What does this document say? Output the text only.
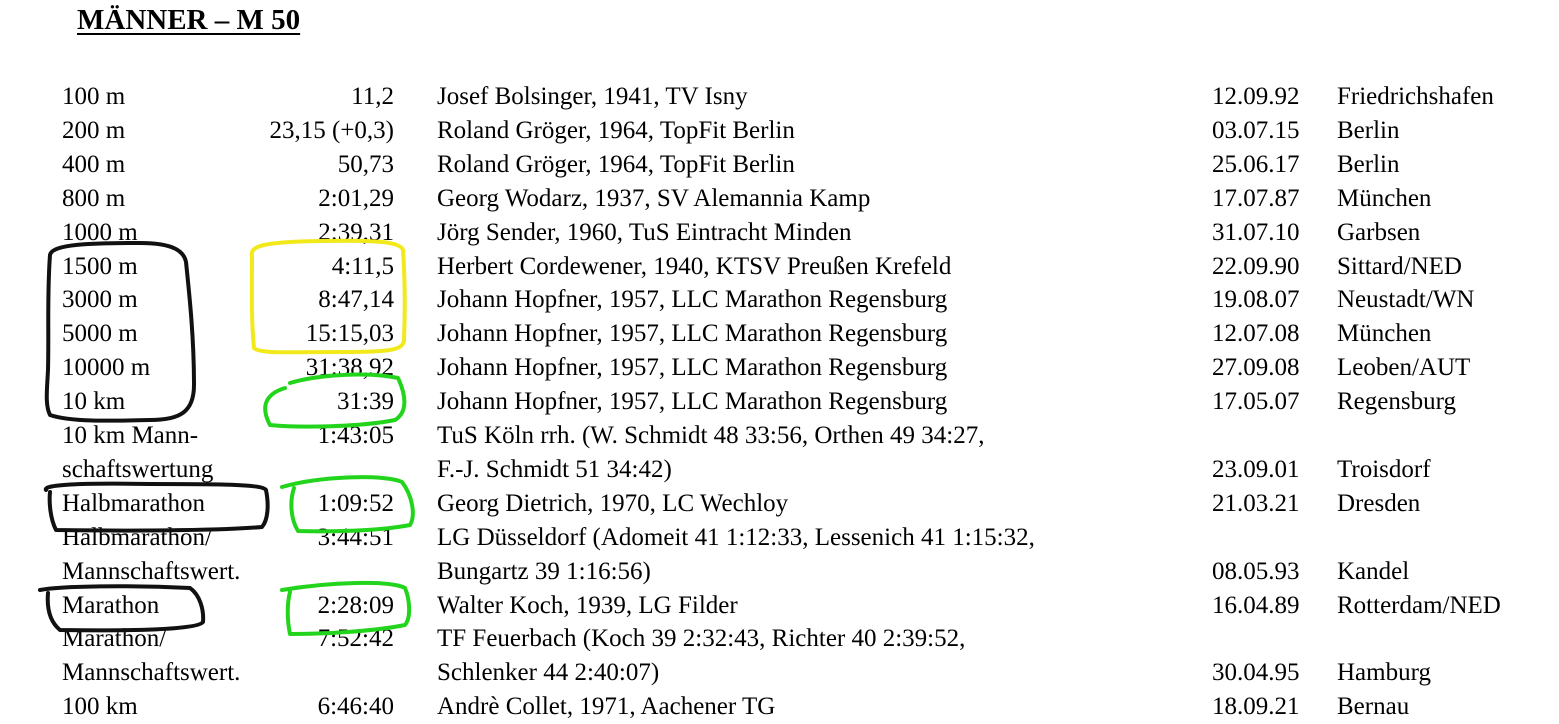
MÄNNER – M 50
100 m	11,2 Josef Bolsinger, 1941, TV Isny	12.09.92 Friedrichshafen
200 m	23,15 (+0,3) Roland Gröger, 1964, TopFit Berlin	03.07.15 Berlin
400 m	50,73 Roland Gröger, 1964, TopFit Berlin	25.06.17 Berlin
800 m	2:01,29 Georg Wodarz, 1937, SV Alemannia Kamp	17.07.87 München
1000 m	2:39,31 Jörg Sender, 1960, TuS Eintracht Minden	31.07.10 Garbsen
1500 m	4:11,5 Herbert Cordewener, 1940, KTSV Preußen Krefeld	22.09.90 Sittard/NED
3000 m	8:47,14 Johann Hopfner, 1957, LLC Marathon Regensburg	19.08.07 Neustadt/WN
5000 m	15:15,03 Johann Hopfner, 1957, LLC Marathon Regensburg	12.07.08 München
10000 m	31:38,92 Johann Hopfner, 1957, LLC Marathon Regensburg	27.09.08 Leoben/AUT
10 km	31:39 Johann Hopfner, 1957, LLC Marathon Regensburg	17.05.07 Regensburg
10 km Mann-	1:43:05 TuS Köln rrh. (W. Schmidt 48 33:56, Orthen 49 34:27,
schaftswertung	F.-J. Schmidt 51 34:42)	23.09.01 Troisdorf
Halbmarathon	1:09:52 Georg Dietrich, 1970, LC Wechloy	21.03.21 Dresden
Halbmarathon/	3:44:51 LG Düsseldorf (Adomeit 41 1:12:33, Lessenich 41 1:15:32,
Mannschaftswert.	Bungartz 39 1:16:56)	08.05.93 Kandel
Marathon	2:28:09 Walter Koch, 1939, LG Filder	16.04.89 Rotterdam/NED
Marathon/	7:52:42 TF Feuerbach (Koch 39 2:32:43, Richter 40 2:39:52,
Mannschaftswert.	Schlenker 44 2:40:07)	30.04.95 Hamburg
100 km	6:46:40 Andrè Collet, 1971, Aachener TG	18.09.21 Bernau
